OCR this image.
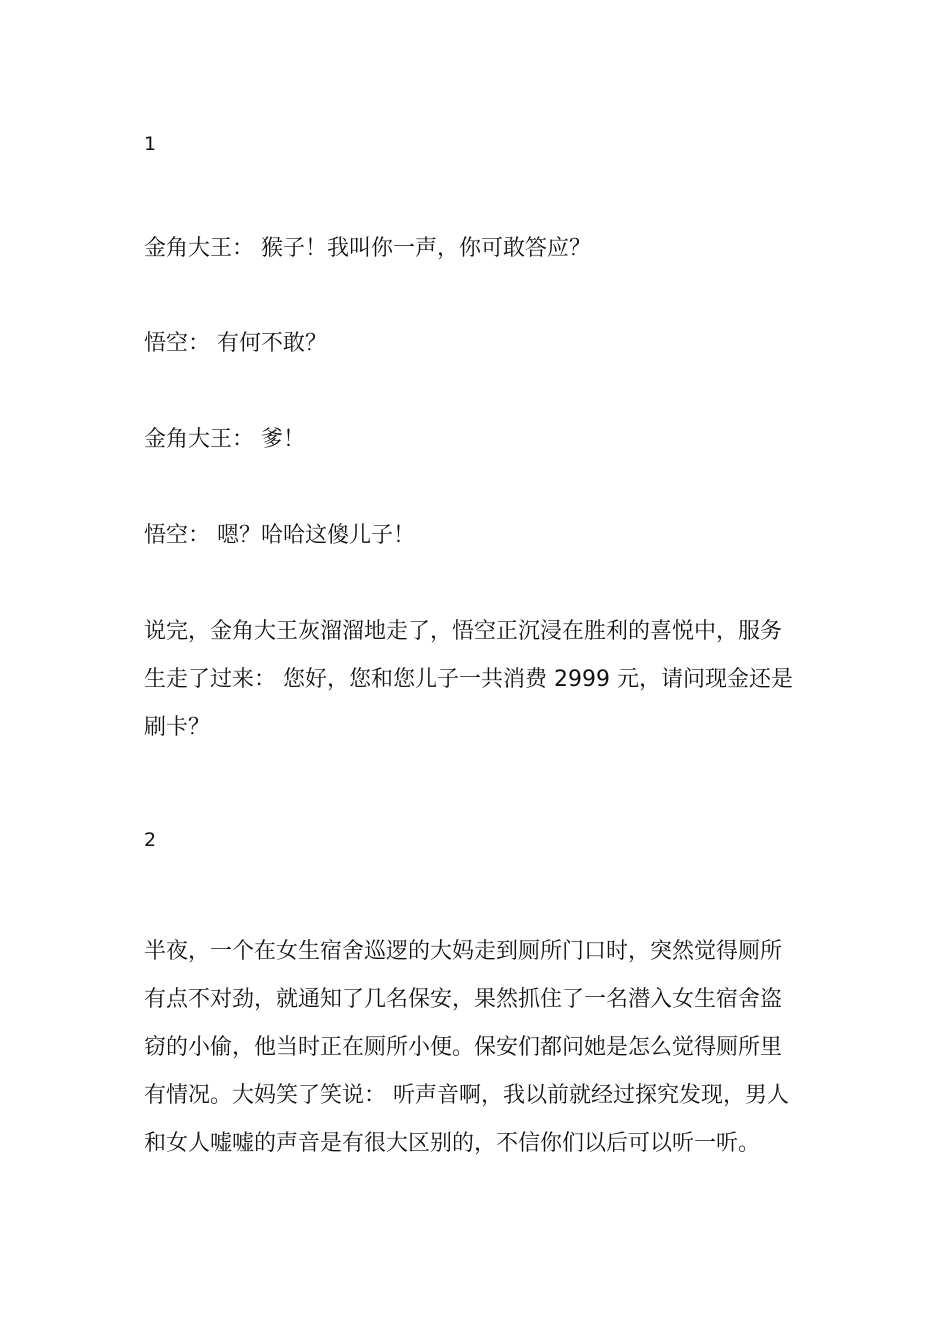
1
金角大王： 猴子！我叫你一声，你可敢答应？
悟空： 有何不敢？
金角大王： 爹！
悟空： 嗯？哈哈这傻儿子！
说完，金角大王灰溜溜地走了，悟空正沉浸在胜利的喜悦中，服务
生走了过来： 您好，您和您儿子一共消费 2999 元，请问现金还是
刷卡？
2
半夜，一个在女生宿舍巡逻的大妈走到厕所门口时，突然觉得厕所
有点不对劲，就通知了几名保安，果然抓住了一名潜入女生宿舍盗
窃的小偷，他当时正在厕所小便。保安们都问她是怎么觉得厕所里
有情况。大妈笑了笑说： 听声音啊，我以前就经过探究发现，男人
和女人嘘嘘的声音是有很大区别的，不信你们以后可以听一听。
